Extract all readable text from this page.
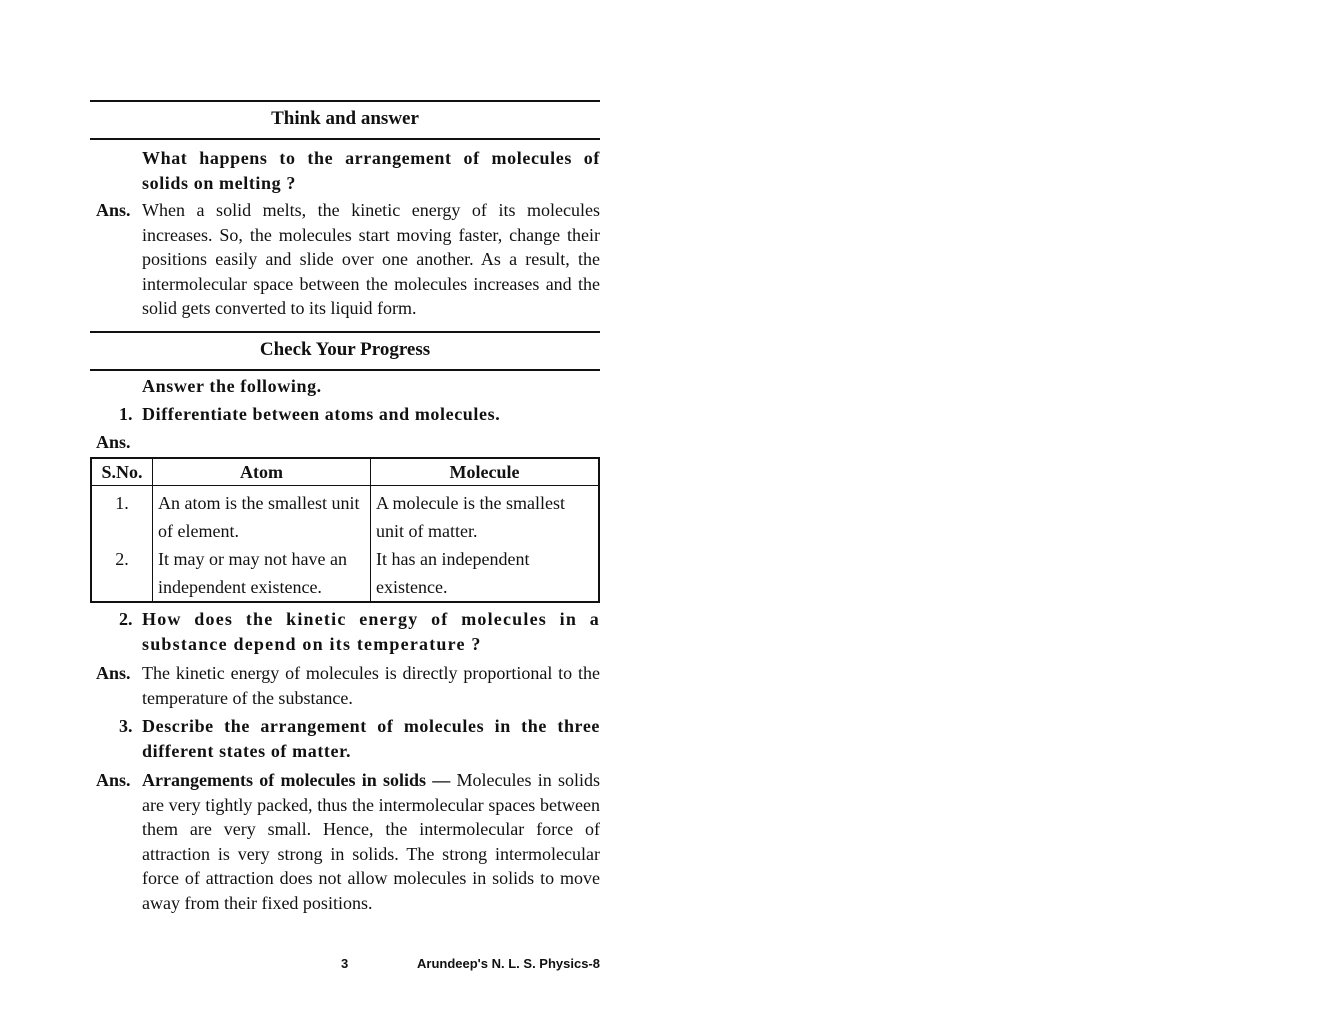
Think and answer
What happens to the arrangement of molecules of solids on melting ?
Ans. When a solid melts, the kinetic energy of its molecules increases. So, the molecules start moving faster, change their positions easily and slide over one another. As a result, the intermolecular space between the molecules increases and the solid gets converted to its liquid form.
Check Your Progress
Answer the following.
1. Differentiate between atoms and molecules.
Ans.
S.No.	Atom	Molecule
1.	An atom is the smallest unit of element.	A molecule is the smallest unit of matter.
2.	It may or may not have an independent existence.	It has an independent existence.
2. How does the kinetic energy of molecules in a substance depend on its temperature ?
Ans. The kinetic energy of molecules is directly proportional to the temperature of the substance.
3. Describe the arrangement of molecules in the three different states of matter.
Ans. Arrangements of molecules in solids — Molecules in solids are very tightly packed, thus the intermolecular spaces between them are very small. Hence, the intermolecular force of attraction is very strong in solids. The strong intermolecular force of attraction does not allow molecules in solids to move away from their fixed positions.
3	Arundeep's N. L. S. Physics-8
